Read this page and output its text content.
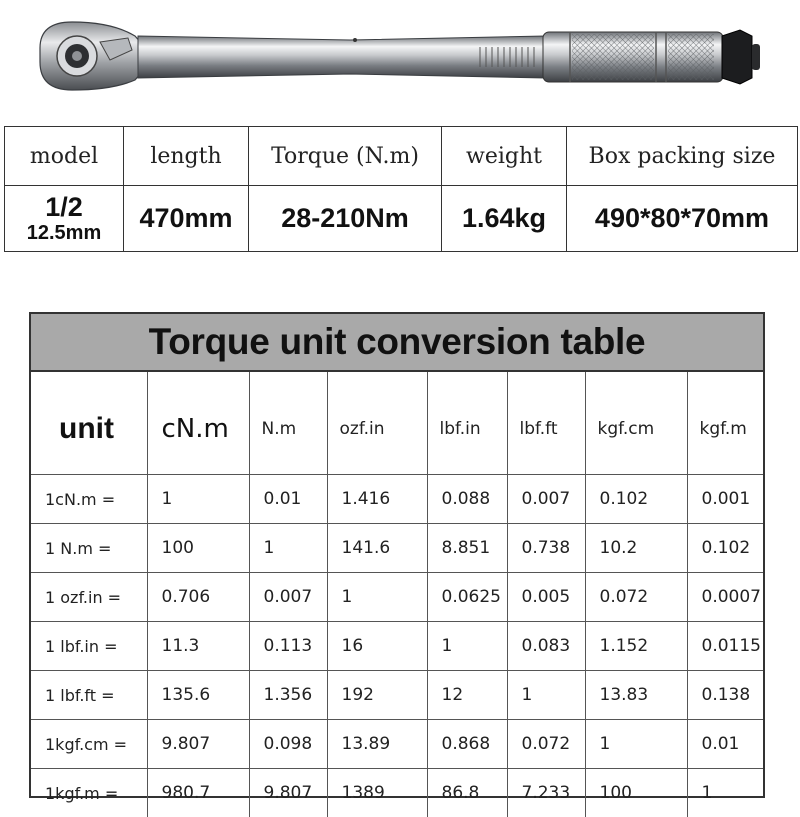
model	length	Torque (N.m)	weight	Box packing size

1/2
12.5mm	470mm	28-210Nm	1.64kg	490*80*70mm
Torque unit conversion table
unit	cN.m	N.m	ozf.in	lbf.in	lbf.ft	kgf.cm	kgf.m
1cN.m =	1	0.01	1.416	0.088	0.007	0.102	0.001
1 N.m =	100	1	141.6	8.851	0.738	10.2	0.102
1 ozf.in =	0.706	0.007	1	0.0625	0.005	0.072	0.0007
1 lbf.in =	11.3	0.113	16	1	0.083	1.152	0.0115
1 lbf.ft =	135.6	1.356	192	12	1	13.83	0.138
1kgf.cm =	9.807	0.098	13.89	0.868	0.072	1	0.01
1kgf.m =	980.7	9.807	1389	86.8	7.233	100	1
